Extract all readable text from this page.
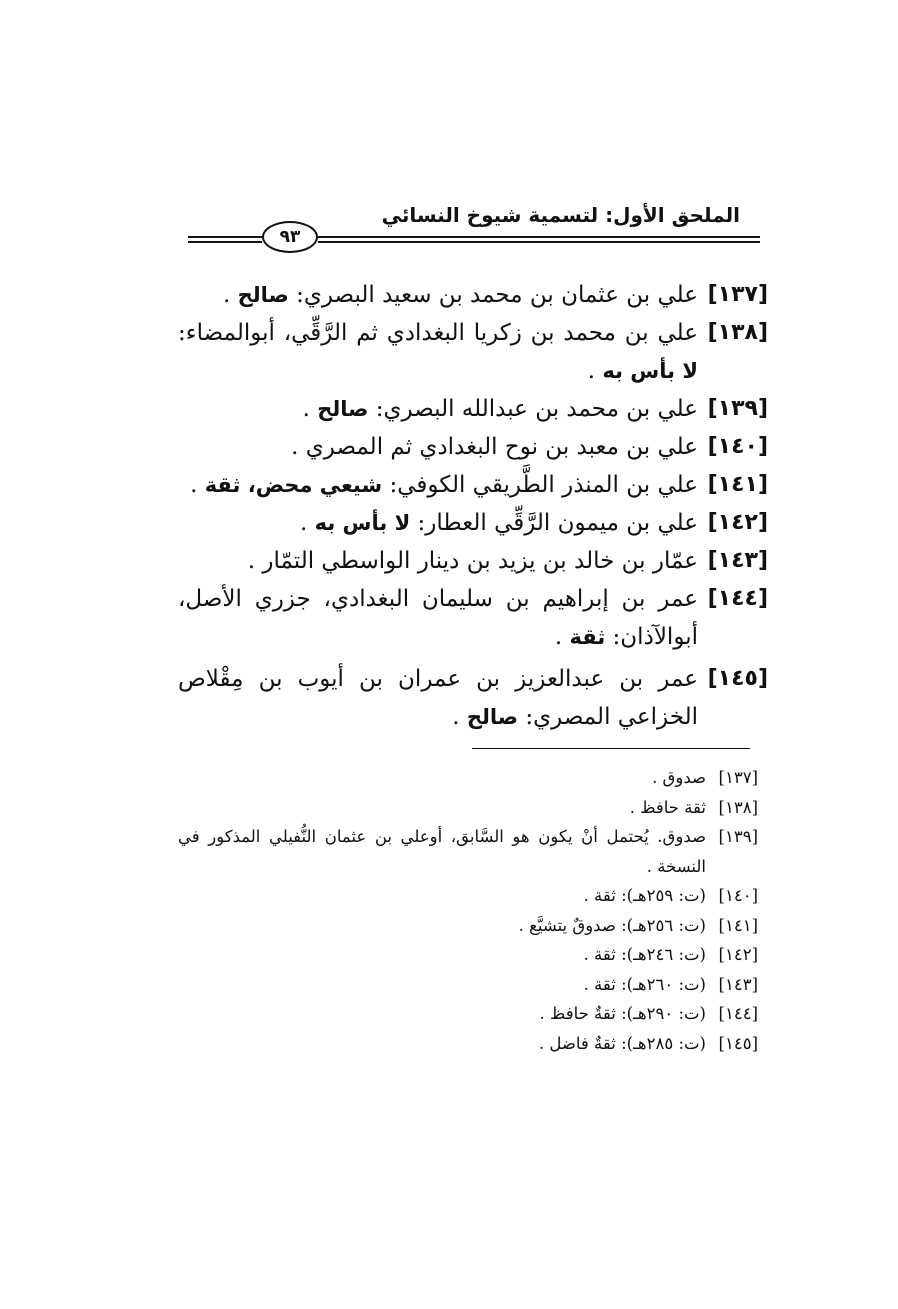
الملحق الأول: لتسمية شيوخ النسائي
٩٣
[١٣٧]
علي بن عثمان بن محمد بن سعيد البصري: صالح .
[١٣٨]
علي بن محمد بن زكريا البغدادي ثم الرَّقِّي، أبوالمضاء: لا بأس به .
[١٣٩]
علي بن محمد بن عبدالله البصري: صالح .
[١٤٠]
علي بن معبد بن نوح البغدادي ثم المصري .
[١٤١]
علي بن المنذر الطَّريقي الكوفي: شيعي محض، ثقة .
[١٤٢]
علي بن ميمون الرَّقِّي العطار: لا بأس به .
[١٤٣]
عمّار بن خالد بن يزيد بن دينار الواسطي التمّار .
[١٤٤]
عمر بن إبراهيم بن سليمان البغدادي، جزري الأصل، أبوالآذان: ثقة .
[١٤٥]
عمر بن عبدالعزيز بن عمران بن أيوب بن مِقْلاص الخزاعي المصري: صالح .
[١٣٧]
صدوق .
[١٣٨]
ثقة حافظ .
[١٣٩]
صدوق. يُحتمل أنْ يكون هو السَّابق، أوعلي بن عثمان النُّفيلي المذكور في النسخة .
[١٤٠]
(ت: ٢٥٩هـ): ثقة .
[١٤١]
(ت: ٢٥٦هـ): صدوقٌ يتشيَّع .
[١٤٢]
(ت: ٢٤٦هـ): ثقة .
[١٤٣]
(ت: ٢٦٠هـ): ثقة .
[١٤٤]
(ت: ٢٩٠هـ): ثقةٌ حافظ .
[١٤٥]
(ت: ٢٨٥هـ): ثقةٌ فاضل .
